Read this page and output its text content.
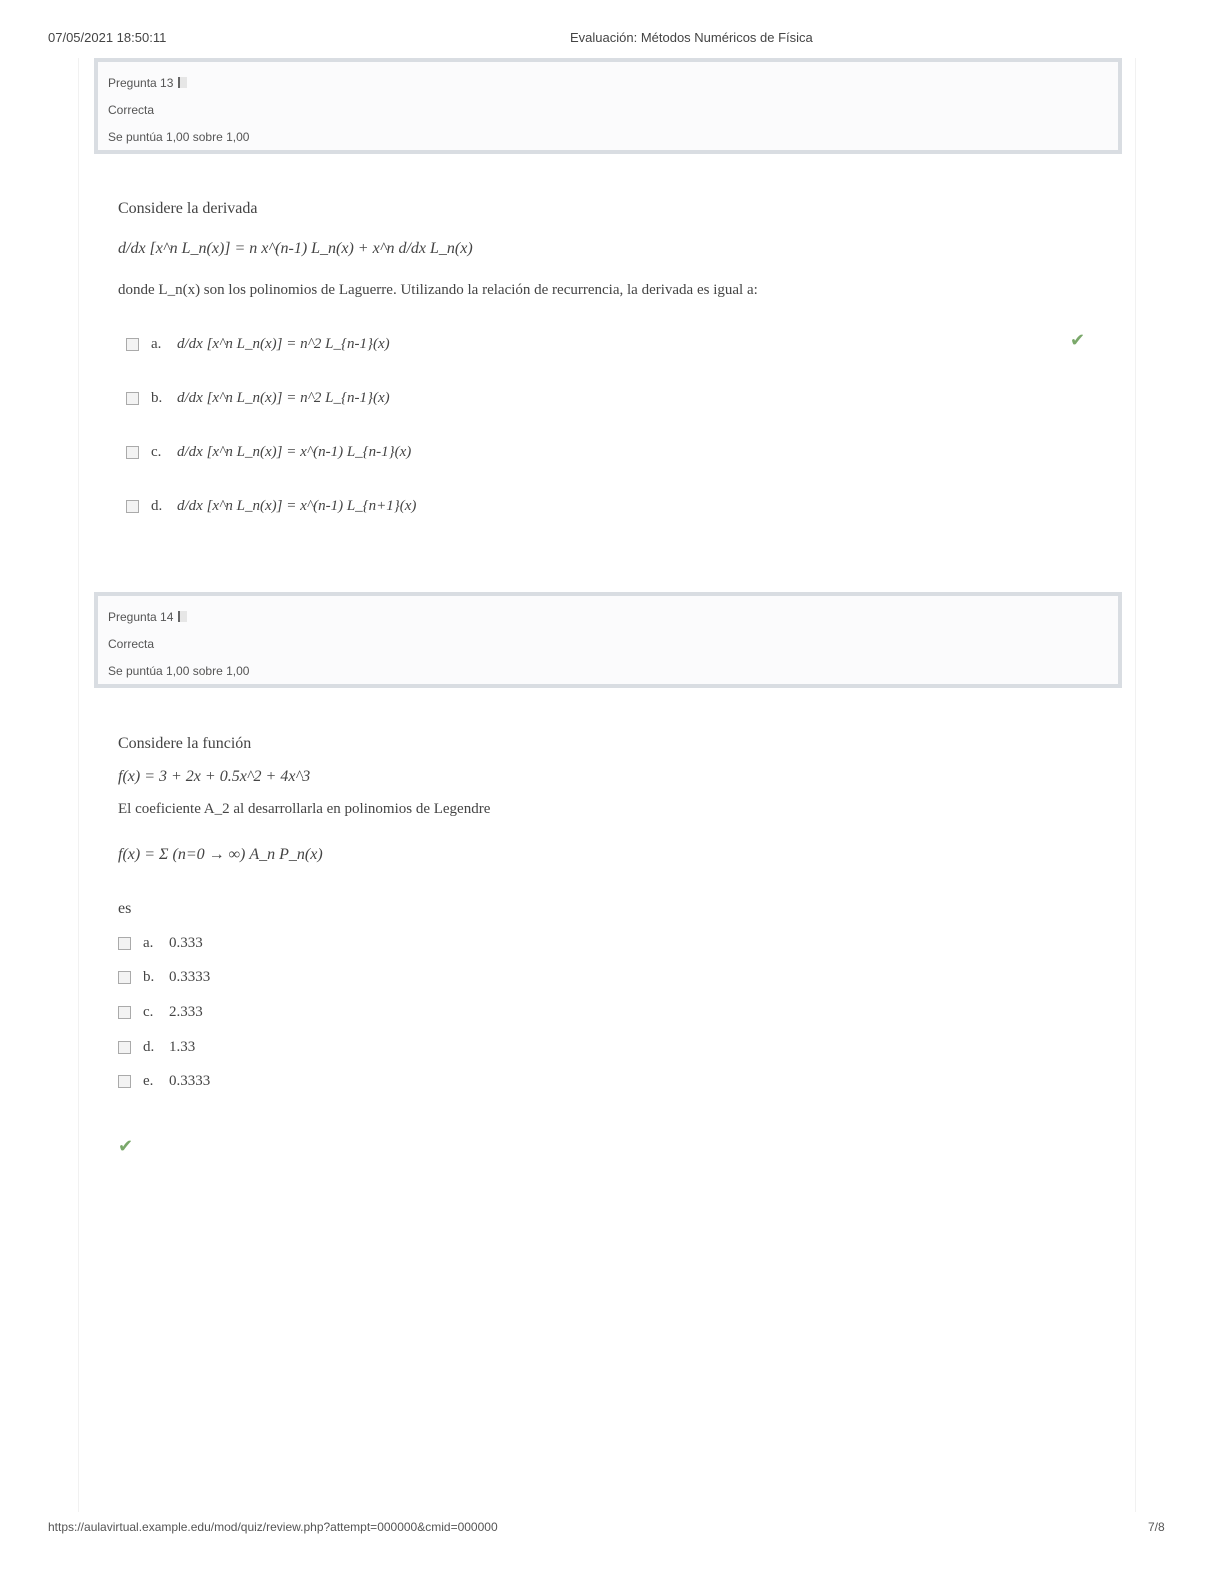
07/05/2021 18:50:11	Evaluación: Métodos Numéricos de Física
Pregunta 13
Correcta
Se puntúa 1,00 sobre 1,00
Considere la derivada
d/dx [x^n L_n(x)] = n x^(n-1) L_n(x) + x^n d/dx L_n(x)
donde L_n(x) son los polinomios de Laguerre. Utilizando la relación de recurrencia, la derivada es igual a:
a.	d/dx [x^n L_n(x)] = n^2 L_{n-1}(x)
b. d/dx [x^n L_n(x)] = n^2 L_{n-1}(x)
c.	d/dx [x^n L_n(x)] = x^(n-1) L_{n-1}(x)
d. d/dx [x^n L_n(x)] = x^(n-1) L_{n+1}(x)
✔
Pregunta 14
Correcta
Se puntúa 1,00 sobre 1,00
Considere la función
f(x) = 3 + 2x + 0.5x^2 + 4x^3
El coeficiente A_2 al desarrollarla en polinomios de Legendre
f(x) = Σ (n=0 → ∞) A_n P_n(x)
es
a.	0.333
b. 0.3333
c.	2.333
d. 1.33
e.	0.3333
✔
https://aulavirtual.example.edu/mod/quiz/review.php?attempt=000000&cmid=000000	7/8
